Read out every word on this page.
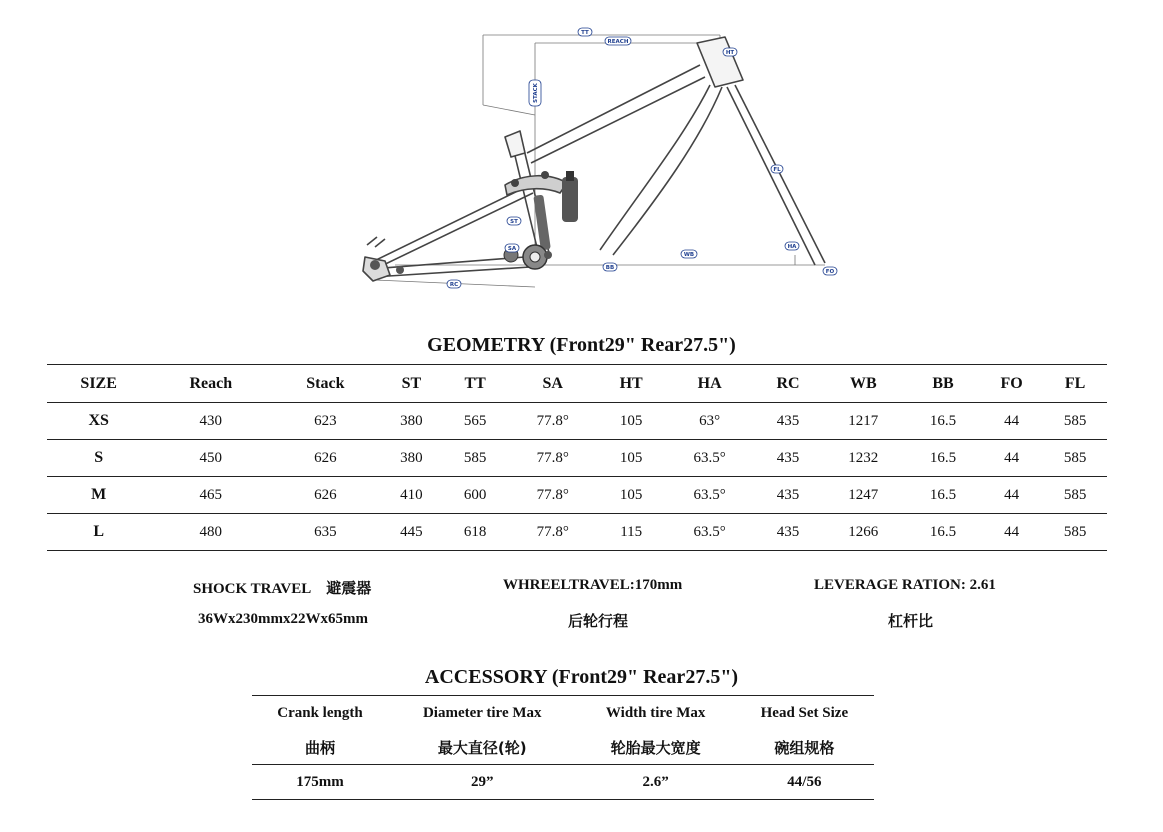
TT
REACH
STACK
HT
FL
ST
SA
WB
HA
BB
FO
RC
GEOMETRY (Front29" Rear27.5")
SIZE	Reach	Stack	ST	TT	SA	HT	HA	RC	WB	BB	FO	FL
XS	430	623	380	565	77.8°	105	63°	435	1217	16.5	44	585
S	450	626	380	585	77.8°	105	63.5°	435	1232	16.5	44	585
M	465	626	410	600	77.8°	105	63.5°	435	1247	16.5	44	585
L	480	635	445	618	77.8°	115	63.5°	435	1266	16.5	44	585
SHOCK TRAVEL 避震器
36Wx230mmx22Wx65mm
WHREELTRAVEL:170mm
后轮行程
LEVERAGE RATION: 2.61
杠杆比
ACCESSORY (Front29" Rear27.5")
Crank length	Diameter tire Max	Width tire Max	Head Set Size
曲柄	最大直径(轮)	轮胎最大宽度	碗组规格
175mm	29”	2.6”	44/56
